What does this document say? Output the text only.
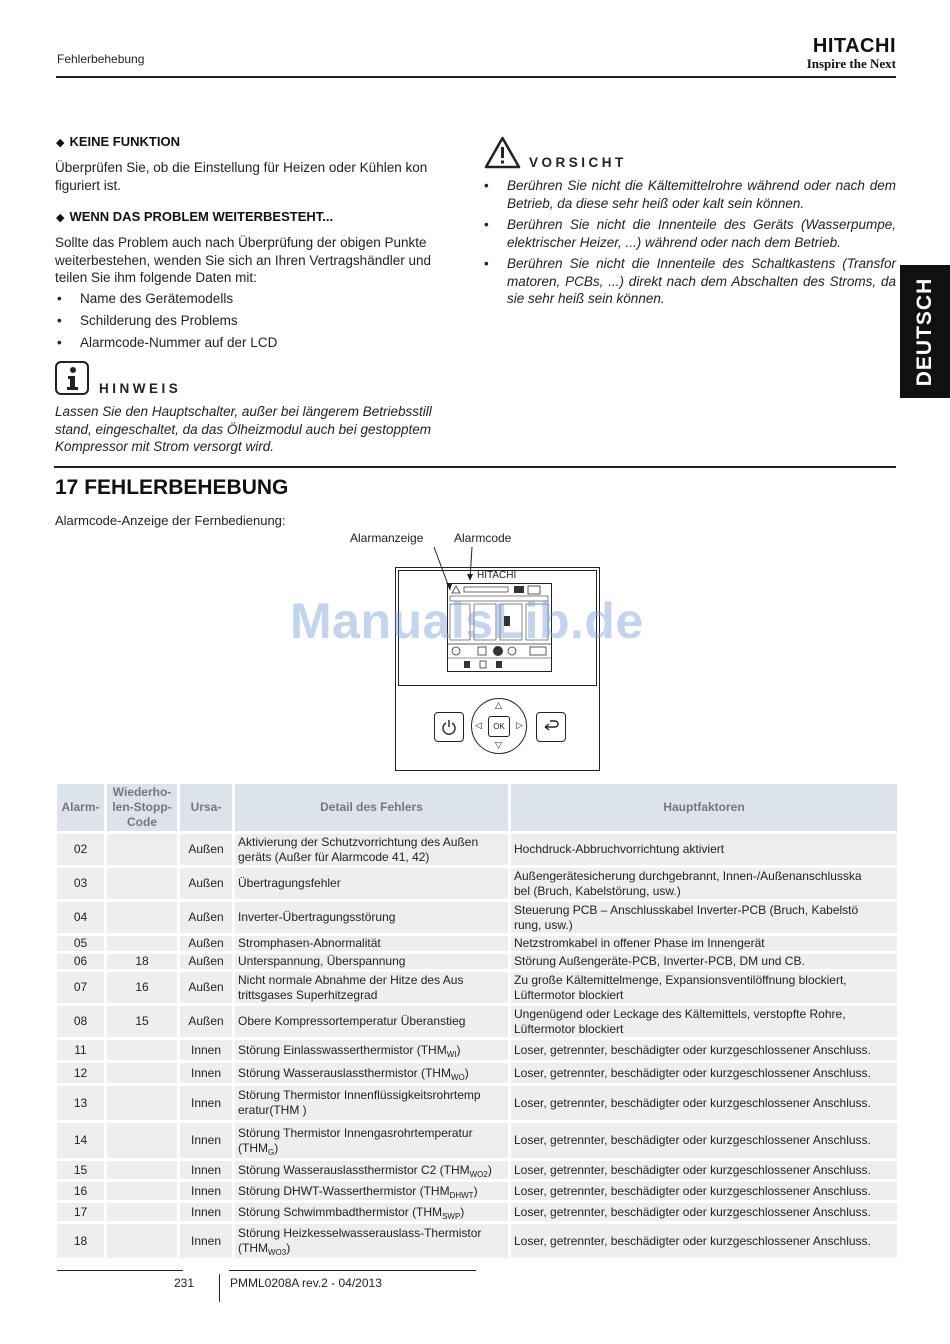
Fehlerbehebung
HITACHI
Inspire the Next
DEUTSCH
◆ KEINE FUNKTION
Überprüfen Sie, ob die Einstellung für Heizen oder Kühlen kon
figuriert ist.
◆ WENN DAS PROBLEM WEITERBESTEHT...
Sollte das Problem auch nach Überprüfung der obigen Punkte
weiterbestehen, wenden Sie sich an Ihren Vertragshändler und
teilen Sie ihm folgende Daten mit:
• Name des Gerätemodells
• Schilderung des Problems
• Alarmcode-Nummer auf der LCD
HINWEIS
Lassen Sie den Hauptschalter, außer bei längerem Betriebsstill
stand, eingeschaltet, da das Ölheizmodul auch bei gestopptem
Kompressor mit Strom versorgt wird.
VORSICHT
• Berühren Sie nicht die Kältemittelrohre während oder nach dem Betrieb, da diese sehr heiß oder kalt sein können.
• Berühren Sie nicht die Innenteile des Geräts (Wasserpumpe, elektrischer Heizer, ...) während oder nach dem Betrieb.
• Berühren Sie nicht die Innenteile des Schaltkastens (Transfor matoren, PCBs, ...) direkt nach dem Abschalten des Stroms, da sie sehr heiß sein können.
17 FEHLERBEHEBUNG
Alarmcode-Anzeige der Fernbedienung:
Alarmanzeige	Alarmcode
HITACHI
△
▽
◁	▷
OK
ManualsLib.de
Alarm-	Wiederho-
len-Stopp-
Code	Ursa-	Detail des Fehlers	Hauptfaktoren
02		Außen	Aktivierung der Schutzvorrichtung des Außen
geräts (Außer für Alarmcode 41, 42)	Hochdruck-Abbruchvorrichtung aktiviert
03		Außen	Übertragungsfehler	Außengerätesicherung durchgebrannt, Innen-/Außenanschlusska
bel (Bruch, Kabelstörung, usw.)
04		Außen	Inverter-Übertragungsstörung	Steuerung PCB – Anschlusskabel Inverter-PCB (Bruch, Kabelstö
rung, usw.)
05		Außen	Stromphasen-Abnormalität	Netzstromkabel in offener Phase im Innengerät
06	18	Außen	Unterspannung, Überspannung	Störung Außengeräte-PCB, Inverter-PCB, DM und CB.
07	16	Außen	Nicht normale Abnahme der Hitze des Aus
trittsgases Superhitzegrad	Zu große Kältemittelmenge, Expansionsventilöffnung blockiert,
Lüftermotor blockiert
08	15	Außen	Obere Kompressortemperatur Überanstieg	Ungenügend oder Leckage des Kältemittels, verstopfte Rohre,
Lüftermotor blockiert
11		Innen	Störung Einlasswasserthermistor $(THM_{WI})$	Loser, getrennter, beschädigter oder kurzgeschlossener Anschluss.
12		Innen	Störung Wasserauslassthermistor $(THM_{WO})$	Loser, getrennter, beschädigter oder kurzgeschlossener Anschluss.
13		Innen	Störung Thermistor Innenflüssigkeitsrohrtemp
eratur(THM )	Loser, getrennter, beschädigter oder kurzgeschlossener Anschluss.
14		Innen	Störung Thermistor Innengasrohrtemperatur
$(THM_G)$	Loser, getrennter, beschädigter oder kurzgeschlossener Anschluss.
15		Innen	Störung Wasserauslassthermistor C2 $(THM_{WO2})$	Loser, getrennter, beschädigter oder kurzgeschlossener Anschluss.
16		Innen	Störung DHWT-Wasserthermistor $(THM_{DHWT})$	Loser, getrennter, beschädigter oder kurzgeschlossener Anschluss.
17		Innen	Störung Schwimmbadthermistor $(THM_{SWP})$	Loser, getrennter, beschädigter oder kurzgeschlossener Anschluss.
18		Innen	Störung Heizkesselwasserauslass-Thermistor
$(THM_{WO3})$	Loser, getrennter, beschädigter oder kurzgeschlossener Anschluss.
231	PMML0208A rev.2 - 04/2013
